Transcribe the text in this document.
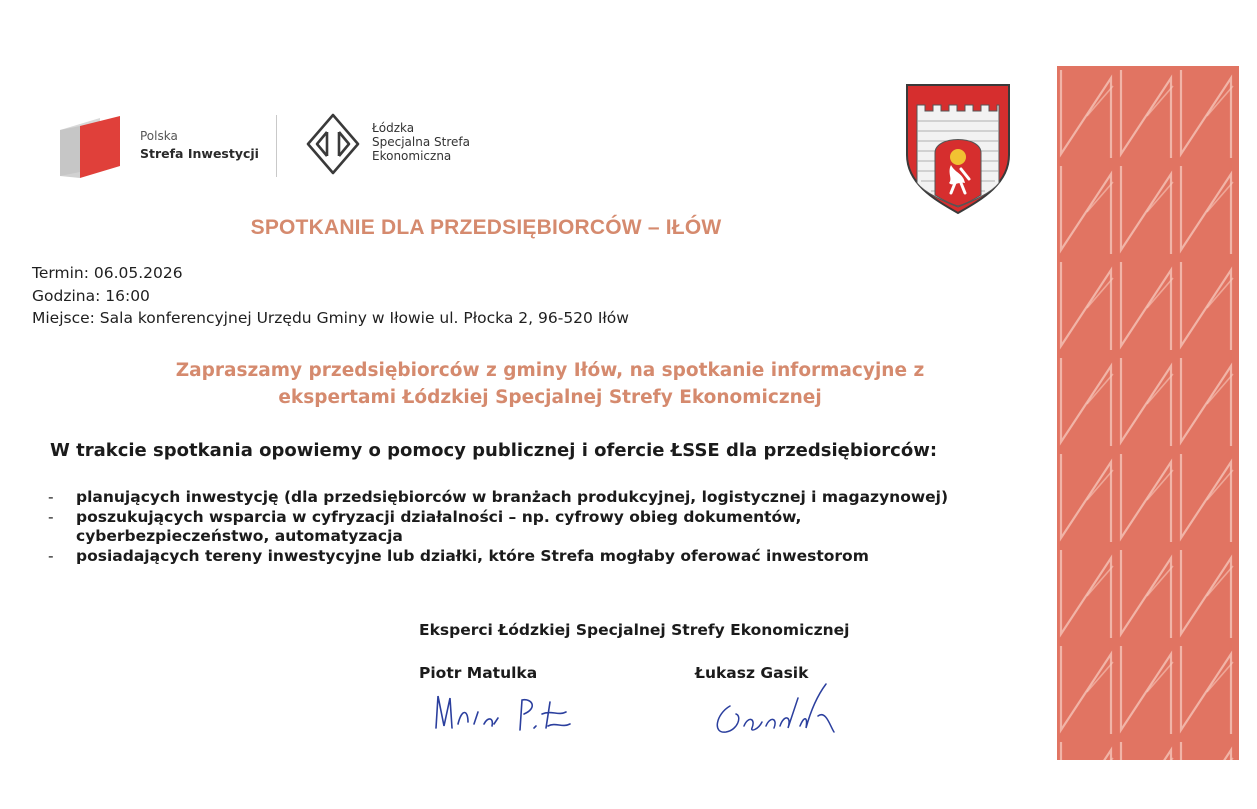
Polska
Strefa Inwestycji
Łódzka
Specjalna Strefa
Ekonomiczna
SPOTKANIE DLA PRZEDSIĘBIORCÓW – IŁÓW
Termin: 06.05.2026
Godzina: 16:00
Miejsce: Sala konferencyjnej Urzędu Gminy w Iłowie ul. Płocka 2, 96-520 Iłów
Zapraszamy przedsiębiorców z gminy Iłów, na spotkanie informacyjne z
ekspertami Łódzkiej Specjalnej Strefy Ekonomicznej
W trakcie spotkania opowiemy o pomocy publicznej i ofercie ŁSSE dla przedsiębiorców:
- planujących inwestycję (dla przedsiębiorców w branżach produkcyjnej, logistycznej i magazynowej)
- poszukujących wsparcia w cyfryzacji działalności – np. cyfrowy obieg dokumentów, cyberbezpieczeństwo, automatyzacja
- posiadających tereny inwestycyjne lub działki, które Strefa mogłaby oferować inwestorom
Eksperci Łódzkiej Specjalnej Strefy Ekonomicznej
Piotr Matulka	Łukasz Gasik
